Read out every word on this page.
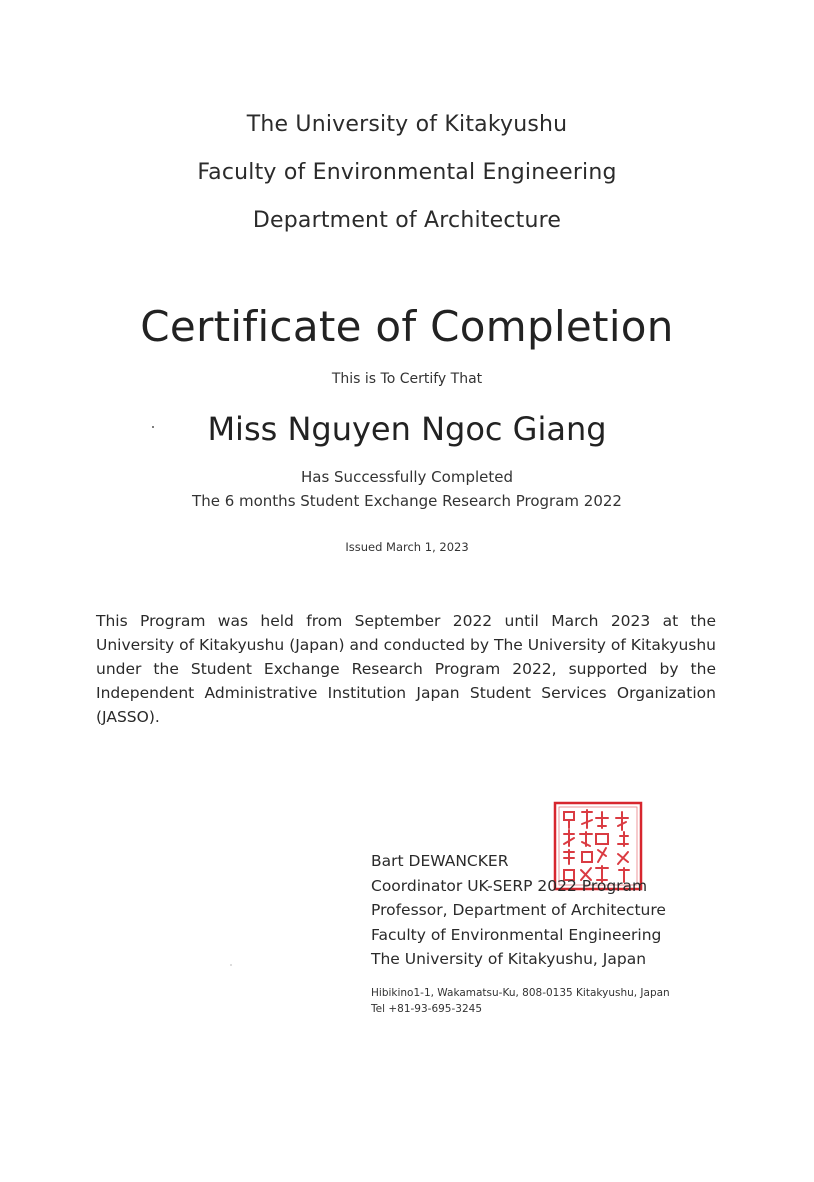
The University of Kitakyushu
Faculty of Environmental Engineering
Department of Architecture
Certificate of Completion
This is To Certify That
Miss Nguyen Ngoc Giang
Has Successfully Completed
The 6 months Student Exchange Research Program 2022
Issued March 1, 2023
This Program was held from September 2022 until March 2023 at the University of Kitakyushu (Japan) and conducted by The University of Kitakyushu under the Student Exchange Research Program 2022, supported by the Independent Administrative Institution Japan Student Services Organization (JASSO).
Bart DEWANCKER
Coordinator UK-SERP 2022 Program
Professor, Department of Architecture
Faculty of Environmental Engineering
The University of Kitakyushu, Japan
Hibikino1-1, Wakamatsu-Ku, 808-0135 Kitakyushu, Japan
Tel +81-93-695-3245
